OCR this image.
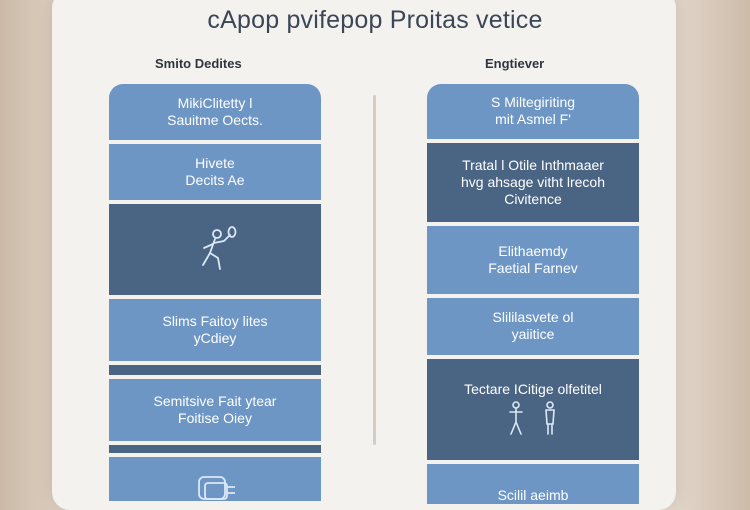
cApop pvifepop Proitas vetice
Smito Dedites	Engtiever
MikiClitetty l
Sauitme Oects.
Hivete
Decits Ae
Slims Faitoy lites
yCdiey
Semitsive Fait ytear
Foitise Oiey
S Miltegiriting
mit Asmel F'
Tratal l Otile Inthmaaer
hvg ahsage vitht lrecoh
Civitence
Elithaemdy
Faetial Farnev
Slililasvete ol
yaiitice
Tectare ICitige olfetitel
Scilil aeimb
